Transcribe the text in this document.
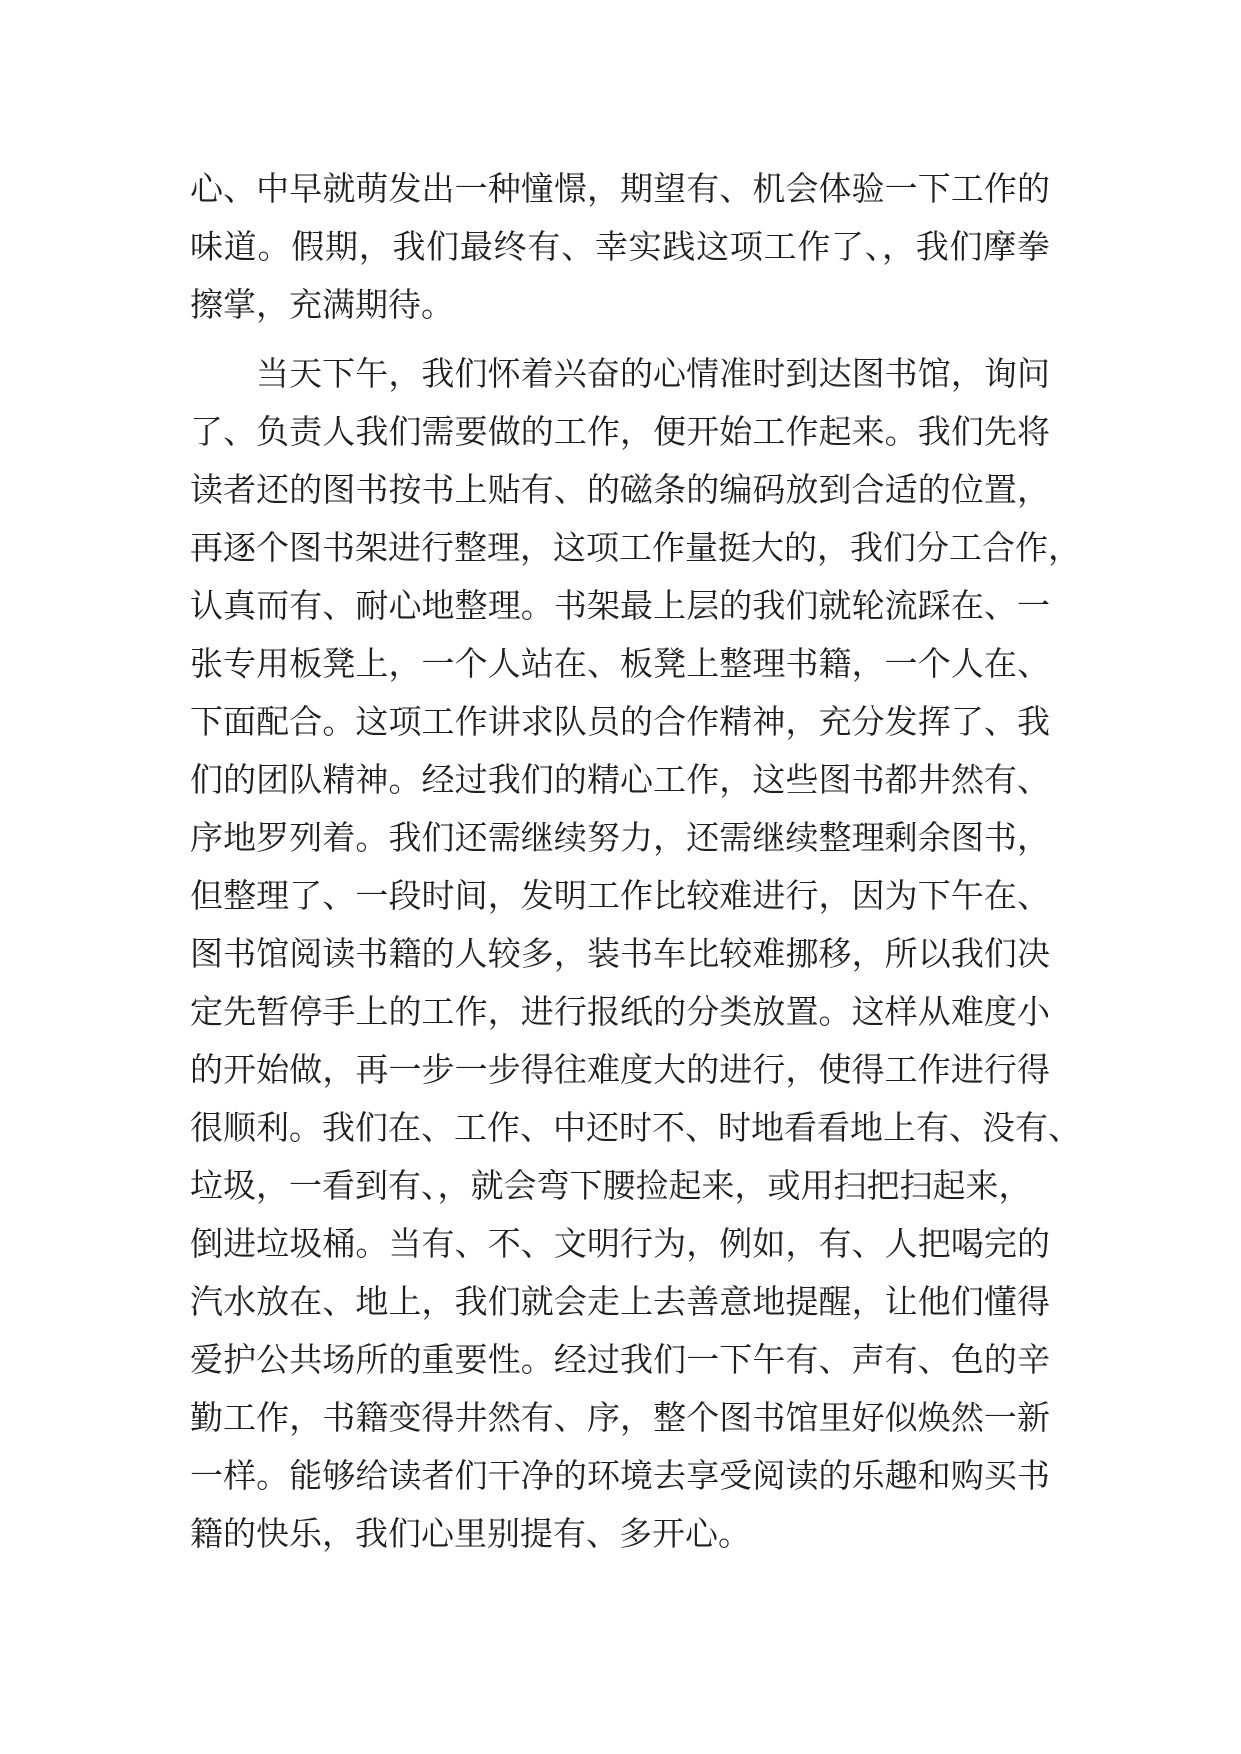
心、中早就萌发出一种憧憬，期望有、机会体验一下工作的
味道。假期，我们最终有、幸实践这项工作了、，我们摩拳
擦掌，充满期待。
当天下午，我们怀着兴奋的心情准时到达图书馆，询问
了、负责人我们需要做的工作，便开始工作起来。我们先将
读者还的图书按书上贴有、的磁条的编码放到合适的位置，
再逐个图书架进行整理，这项工作量挺大的，我们分工合作，
认真而有、耐心地整理。书架最上层的我们就轮流踩在、一
张专用板凳上，一个人站在、板凳上整理书籍，一个人在、
下面配合。这项工作讲求队员的合作精神，充分发挥了、我
们的团队精神。经过我们的精心工作，这些图书都井然有、
序地罗列着。我们还需继续努力，还需继续整理剩余图书，
但整理了、一段时间，发明工作比较难进行，因为下午在、
图书馆阅读书籍的人较多，装书车比较难挪移，所以我们决
定先暂停手上的工作，进行报纸的分类放置。这样从难度小
的开始做，再一步一步得往难度大的进行，使得工作进行得
很顺利。我们在、工作、中还时不、时地看看地上有、没有、
垃圾，一看到有、，就会弯下腰捡起来，或用扫把扫起来，
倒进垃圾桶。当有、不、文明行为，例如，有、人把喝完的
汽水放在、地上，我们就会走上去善意地提醒，让他们懂得
爱护公共场所的重要性。经过我们一下午有、声有、色的辛
勤工作，书籍变得井然有、序，整个图书馆里好似焕然一新
一样。能够给读者们干净的环境去享受阅读的乐趣和购买书
籍的快乐，我们心里别提有、多开心。
